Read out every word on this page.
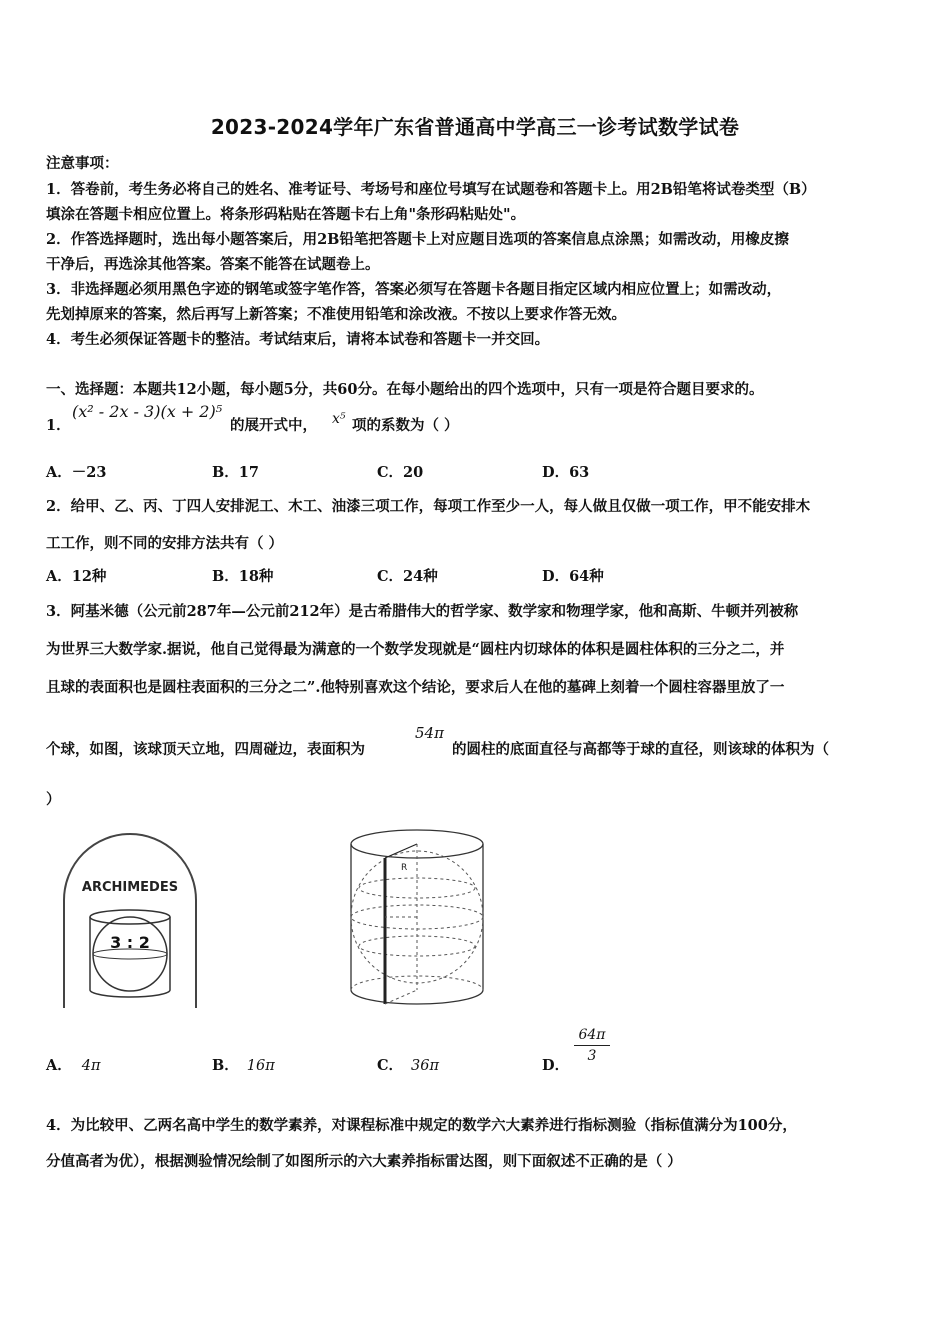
2023-2024学年广东省普通高中学高三一诊考试数学试卷
注意事项：
1．答卷前，考生务必将自己的姓名、准考证号、考场号和座位号填写在试题卷和答题卡上。用2B铅笔将试卷类型（B）
填涂在答题卡相应位置上。将条形码粘贴在答题卡右上角"条形码粘贴处"。
2．作答选择题时，选出每小题答案后，用2B铅笔把答题卡上对应题目选项的答案信息点涂黑；如需改动，用橡皮擦
干净后，再选涂其他答案。答案不能答在试题卷上。
3．非选择题必须用黑色字迹的钢笔或签字笔作答，答案必须写在答题卡各题目指定区域内相应位置上；如需改动，
先划掉原来的答案，然后再写上新答案；不准使用铅笔和涂改液。不按以上要求作答无效。
4．考生必须保证答题卡的整洁。考试结束后，请将本试卷和答题卡一并交回。
一、选择题：本题共12小题，每小题5分，共60分。在每小题给出的四个选项中，只有一项是符合题目要求的。
1．
(x² - 2x - 3)(x + 2)⁵
的展开式中， x⁵ 项的系数为（ ）
A．－23	B．17	C．20	D．63
2．给甲、乙、丙、丁四人安排泥工、木工、油漆三项工作，每项工作至少一人，每人做且仅做一项工作，甲不能安排木
工工作，则不同的安排方法共有（ ）
A．12种	B．18种	C．24种	D．64种
3．阿基米德（公元前287年—公元前212年）是古希腊伟大的哲学家、数学家和物理学家，他和高斯、牛顿并列被称
为世界三大数学家.据说，他自己觉得最为满意的一个数学发现就是“圆柱内切球体的体积是圆柱体积的三分之二，并
且球的表面积也是圆柱表面积的三分之二”.他特别喜欢这个结论，要求后人在他的墓碑上刻着一个圆柱容器里放了一
个球，如图，该球顶天立地，四周碰边，表面积为
54π
的圆柱的底面直径与高都等于球的直径，则该球的体积为（
）
ARCHIMEDES
3 : 2
R
A． 4π	B． 16π	C． 36π	D．
64π
3
4．为比较甲、乙两名高中学生的数学素养，对课程标准中规定的数学六大素养进行指标测验（指标值满分为100分，
分值高者为优），根据测验情况绘制了如图所示的六大素养指标雷达图，则下面叙述不正确的是（ ）
